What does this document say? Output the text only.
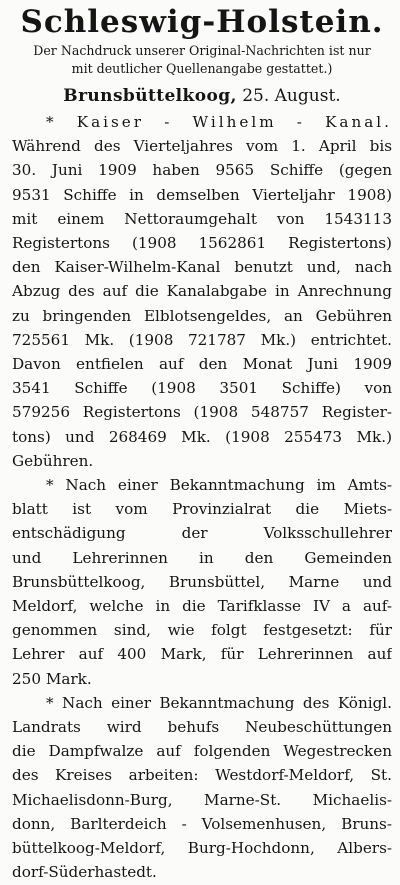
Schleswig-Holstein.
Der Nachdruck unserer Original-Nachrichten ist nur
mit deutlicher Quellenangabe gestattet.)
Brunsbüttelkoog, 25. August.
* Kaiser - Wilhelm - Kanal.
Während des Vierteljahres vom 1. April bis
30. Juni 1909 haben 9565 Schiffe (gegen
9531 Schiffe in demselben Vierteljahr 1908)
mit einem Nettoraumgehalt von 1543113
Registertons (1908 1562861 Registertons)
den Kaiser-Wilhelm-Kanal benutzt und, nach
Abzug des auf die Kanalabgabe in Anrechnung
zu bringenden Elblotsengeldes, an Gebühren
725561 Mk. (1908 721787 Mk.) entrichtet.
Davon entfielen auf den Monat Juni 1909
3541 Schiffe (1908 3501 Schiffe) von
579256 Registertons (1908 548757 Register-
tons) und 268469 Mk. (1908 255473 Mk.)
Gebühren.
* Nach einer Bekanntmachung im Amts-
blatt ist vom Provinzialrat die Miets-
entschädigung der Volksschullehrer
und Lehrerinnen in den Gemeinden
Brunsbüttelkoog, Brunsbüttel, Marne und
Meldorf, welche in die Tarifklasse IV a auf-
genommen sind, wie folgt festgesetzt: für
Lehrer auf 400 Mark, für Lehrerinnen auf
250 Mark.
* Nach einer Bekanntmachung des Königl.
Landrats wird behufs Neubeschüttungen
die Dampfwalze auf folgenden Wegestrecken
des Kreises arbeiten: Westdorf-Meldorf, St.
Michaelisdonn-Burg, Marne-St. Michaelis-
donn, Barlterdeich - Volsemenhusen, Bruns-
büttelkoog-Meldorf, Burg-Hochdonn, Albers-
dorf-Süderhastedt.
